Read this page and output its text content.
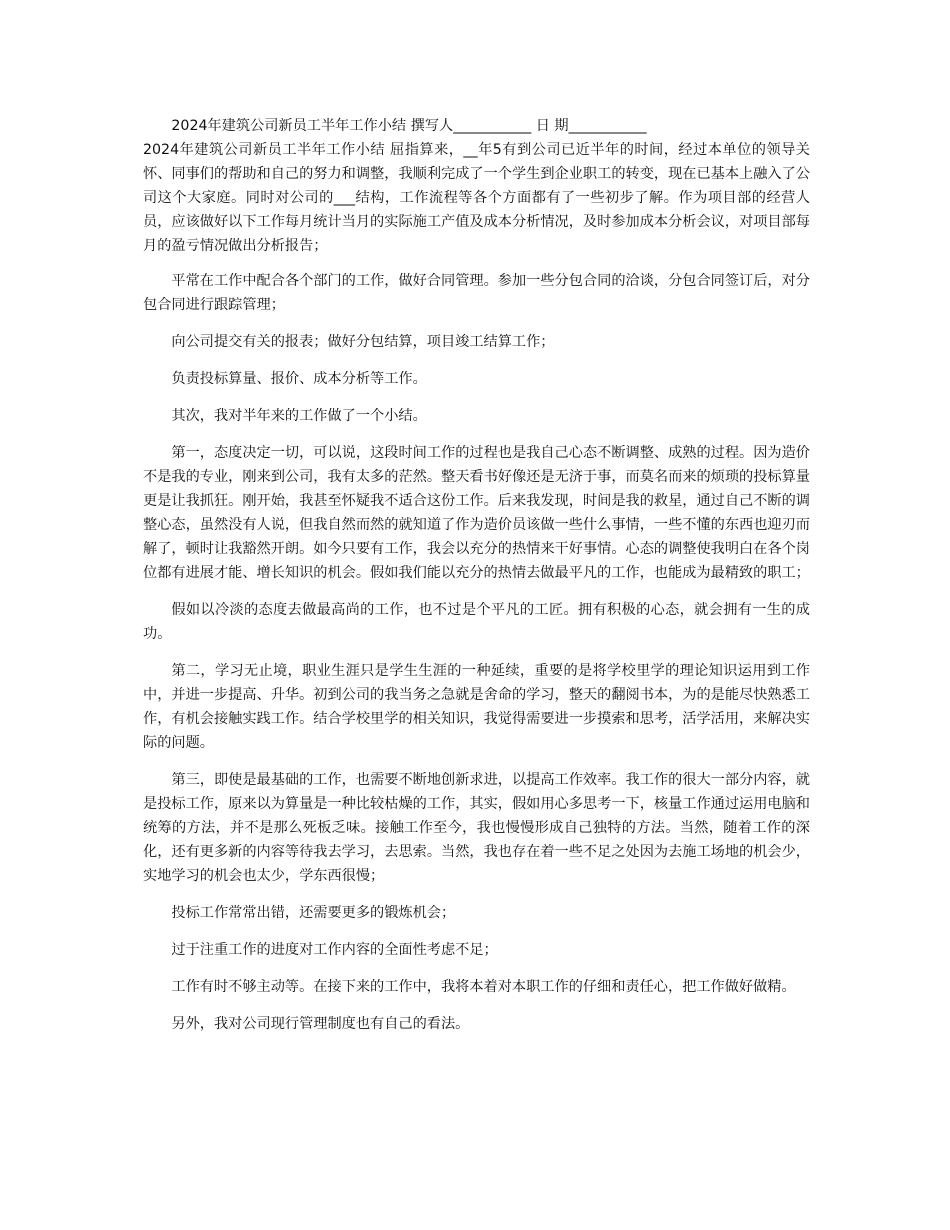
2024年建筑公司新员工半年工作小结 撰写人___________ 日 期___________
2024年建筑公司新员工半年工作小结 屈指算来，__年5有到公司已近半年的时间，经过本单位的领导关怀、同事们的帮助和自己的努力和调整，我顺利完成了一个学生到企业职工的转变，现在已基本上融入了公司这个大家庭。同时对公司的___结构，工作流程等各个方面都有了一些初步了解。作为项目部的经营人员，应该做好以下工作每月统计当月的实际施工产值及成本分析情况，及时参加成本分析会议，对项目部每月的盈亏情况做出分析报告；

平常在工作中配合各个部门的工作，做好合同管理。参加一些分包合同的洽谈，分包合同签订后，对分包合同进行跟踪管理；

向公司提交有关的报表；做好分包结算，项目竣工结算工作；

负责投标算量、报价、成本分析等工作。

其次，我对半年来的工作做了一个小结。

第一，态度决定一切，可以说，这段时间工作的过程也是我自己心态不断调整、成熟的过程。因为造价不是我的专业，刚来到公司，我有太多的茫然。整天看书好像还是无济于事，而莫名而来的烦琐的投标算量更是让我抓狂。刚开始，我甚至怀疑我不适合这份工作。后来我发现，时间是我的救星，通过自己不断的调整心态，虽然没有人说，但我自然而然的就知道了作为造价员该做一些什么事情，一些不懂的东西也迎刃而解了，顿时让我豁然开朗。如今只要有工作，我会以充分的热情来干好事情。心态的调整使我明白在各个岗位都有进展才能、增长知识的机会。假如我们能以充分的热情去做最平凡的工作，也能成为最精致的职工；

假如以冷淡的态度去做最高尚的工作，也不过是个平凡的工匠。拥有积极的心态，就会拥有一生的成功。

第二，学习无止境，职业生涯只是学生生涯的一种延续，重要的是将学校里学的理论知识运用到工作中，并进一步提高、升华。初到公司的我当务之急就是舍命的学习，整天的翻阅书本，为的是能尽快熟悉工作，有机会接触实践工作。结合学校里学的相关知识，我觉得需要进一步摸索和思考，活学活用，来解决实际的问题。

第三，即使是最基础的工作，也需要不断地创新求进，以提高工作效率。我工作的很大一部分内容，就是投标工作，原来以为算量是一种比较枯燥的工作，其实，假如用心多思考一下，核量工作通过运用电脑和统筹的方法，并不是那么死板乏味。接触工作至今，我也慢慢形成自己独特的方法。当然，随着工作的深化，还有更多新的内容等待我去学习，去思索。当然，我也存在着一些不足之处因为去施工场地的机会少，实地学习的机会也太少，学东西很慢；

投标工作常常出错，还需要更多的锻炼机会；

过于注重工作的进度对工作内容的全面性考虑不足；

工作有时不够主动等。在接下来的工作中，我将本着对本职工作的仔细和责任心，把工作做好做精。

另外，我对公司现行管理制度也有自己的看法。
